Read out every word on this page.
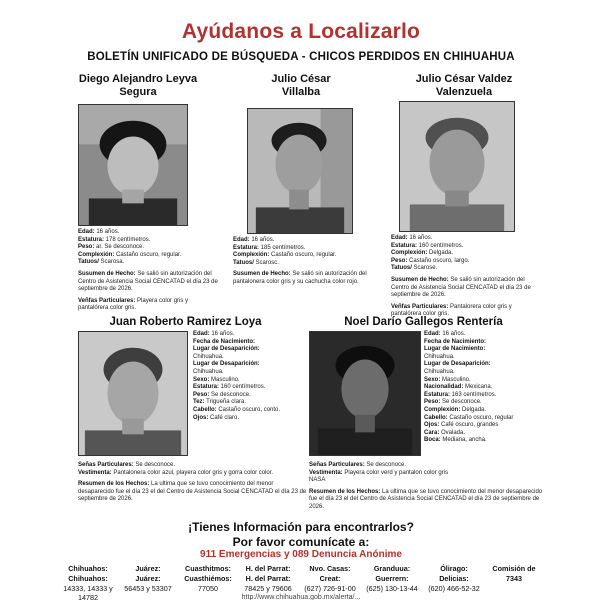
Ayúdanos a Localizarlo
BOLETÍN UNIFICADO DE BÚSQUEDA - CHICOS PERDIDOS EN CHIHUAHUA
Diego Alejandro Leyva
Segura
Edad: 16 años.
Estatura: 178 centímetros.
Peso: ar. Se desconoce.
Complexión: Castaño oscuro, regular.
Tatuos/ Scarosa.
Susumen de Hecho: Se salió sin autorización del Centro de Asistencia Social CENCATAD el día 23 de septiembre de 2026.
Veñfas Particulares: Playera color gris y pantalórera color gris.
Julio César
Villalba
Edad: 16 años.
Estatura: 185 centímetros.
Complexión: Castaño oscuro, regular.
Tatuos/ Scarosc.
Susumen de Hecho: Se salió sin autorización del pantalonera color gris y su cachucha color rojo.
Julio César Valdez
Valenzuela
Edad: 16 años.
Estatura: 160 centímetros.
Complexión: Delgada.
Peso: Castaño oscuro, largo.
Tatuos/ Scarose.
Susumen de Hecho: Se salió sin autorización del Centro de Asistencia Social CENCATAD el día 23 de septiembre de 2026.
Veñfas Particulares: Pantalorera color gris y pantalórera color gris.
Juan Roberto Ramirez Loya
Edad: 16 años.
Fecha de Nacimiento:
Lugar de Desaparición:
Chihuahua.
Lugar de Desaparición:
Chihuahua.
Sexo: Masculino.
Estatura: 160 centímetros.
Peso: Se desconoce.
Tez: Trigueña clara.
Cabello: Castaño oscuro, conto.
Ojos: Café claro.
Señas Particulares: Se desconoce.
Vestimenta: Pantalonera color azul, playera color gris y gorra color color.
Resumen de los Hechos: La ultima que se tuvo conocimiento del menor desaparecido fue el día 23 el del Centro de Asistencia Social CENCATAD el día 23 de septiembre de 2026.
Noel Darío Gallegos Rentería
Edad: 16 años.
Fecha de Nacimiento:
Lugar de Nacimiento:
Chihuahua.
Lugar de Desaparición:
Chihuahua.
Sexo: Masculino.
Nacionalidad: Mexicana.
Estatura: 163 centímetros.
Peso: Se desconoce.
Complexión: Delgada.
Cabello: Castaño oscuro, regular
Ojos: Café oscuro, grandes
Cara: Ovalada.
Boca: Mediana, ancha.
Señas Particulares: Se desconoce.
Vestimenta: Playera color verd y pantalon color gris
NASA
Resumen de los Hechos: La ultima que se tuvo conocimiento del menor desaparecido fue el día 23 el del Centro de Asistencia Social CENCATAD el día 23 de septiembre de 2026.
¡Tienes Información para encontrarlos?
Por favor comunícate a:
911 Emergencias y 089 Denuncia Anónime
Chihuahos:	Juárez:	Cuasthitmos:	H. del Parrat:	Nvo. Casas:	Granduua:	Ólirago:	Comisión de
Chihuahos:	Juárez:	Cuasthiémos:	H. del Parrat:	Creat:	Guerrern:	Delicias:	7343
14333, 14333 y	56453 y 53307	77050	78425 y 79606	(627) 726-91-00	(625) 130-13-44	(620) 466-52-32
14782	http://www.chihuahua.gob.mx/alerta/...
